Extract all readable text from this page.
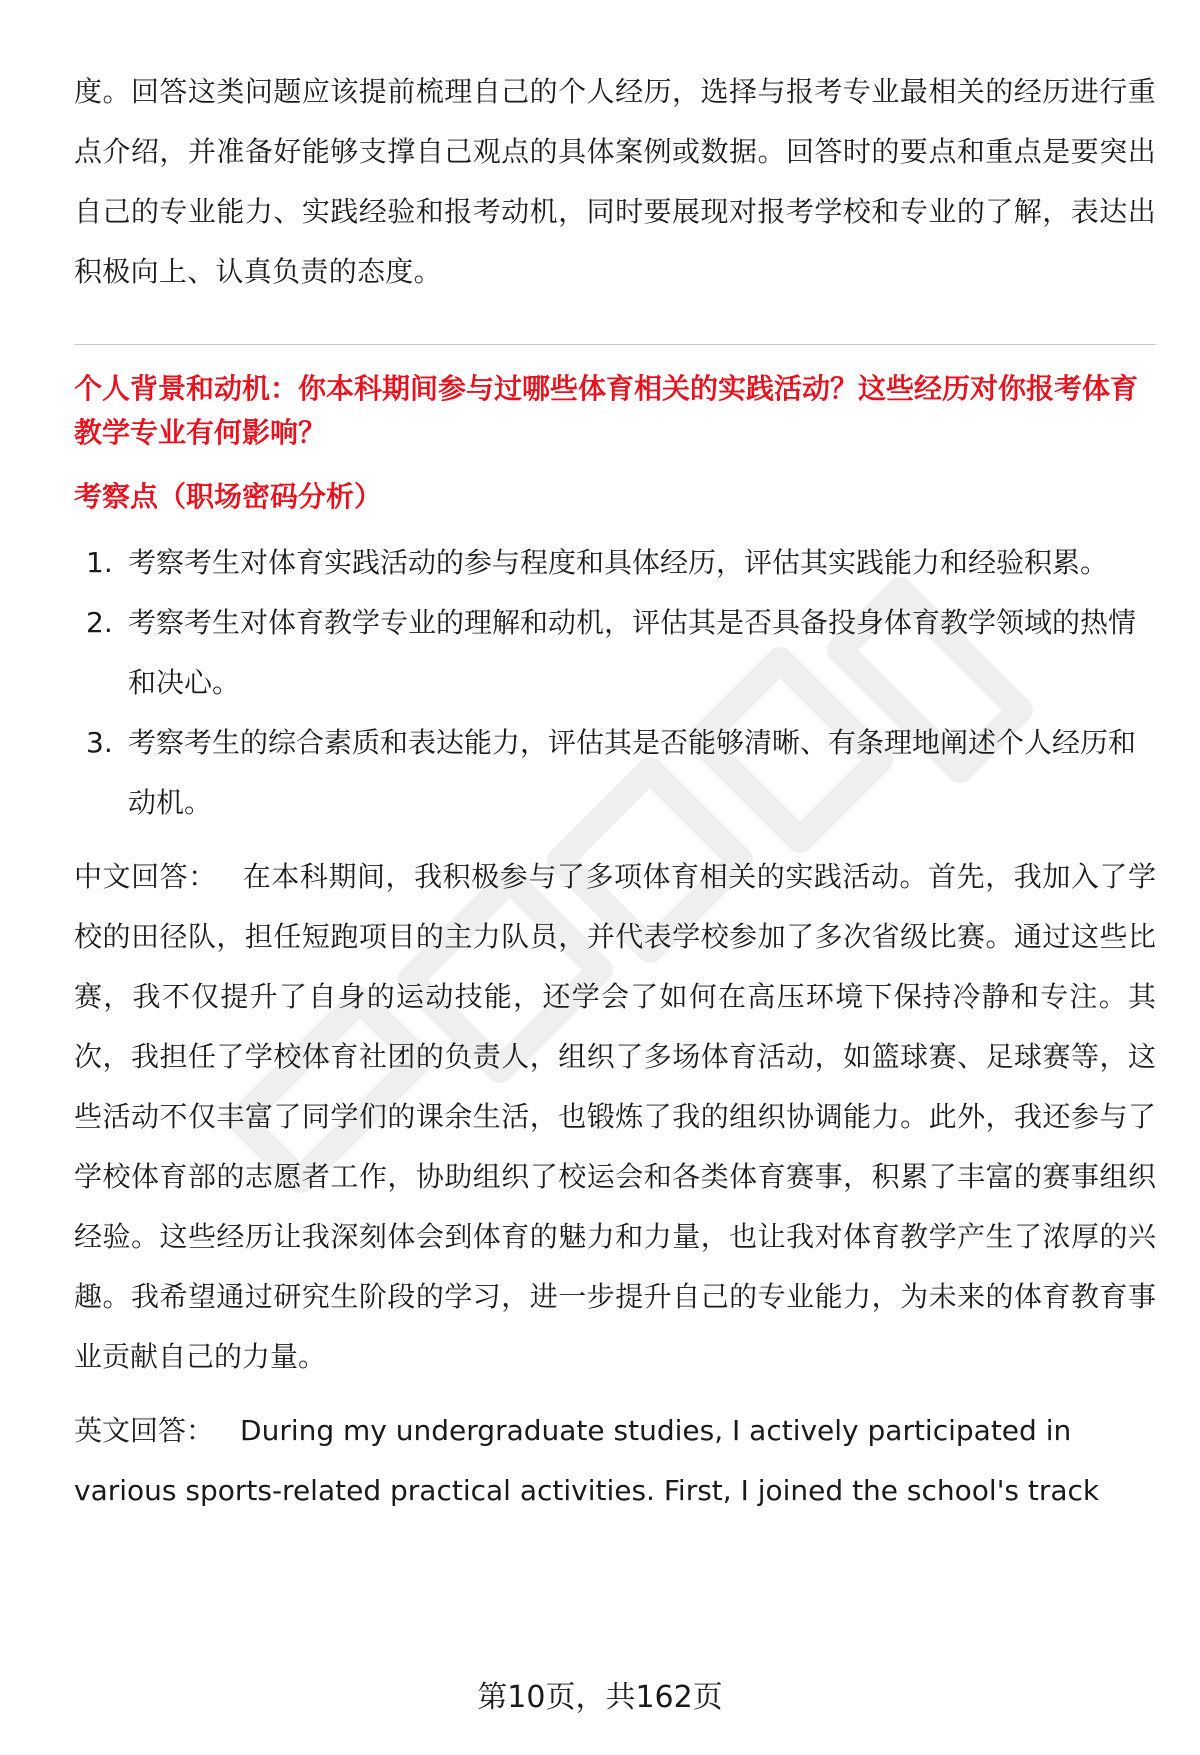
度。回答这类问题应该提前梳理自己的个人经历，选择与报考专业最相关的经历进行重点介绍，并准备好能够支撑自己观点的具体案例或数据。回答时的要点和重点是要突出自己的专业能力、实践经验和报考动机，同时要展现对报考学校和专业的了解，表达出积极向上、认真负责的态度。

个人背景和动机：你本科期间参与过哪些体育相关的实践活动？这些经历对你报考体育教学专业有何影响？

考察点（职场密码分析）

1. 考察考生对体育实践活动的参与程度和具体经历，评估其实践能力和经验积累。
2. 考察考生对体育教学专业的理解和动机，评估其是否具备投身体育教学领域的热情和决心。
3. 考察考生的综合素质和表达能力，评估其是否能够清晰、有条理地阐述个人经历和动机。

中文回答： 在本科期间，我积极参与了多项体育相关的实践活动。首先，我加入了学校的田径队，担任短跑项目的主力队员，并代表学校参加了多次省级比赛。通过这些比赛，我不仅提升了自身的运动技能，还学会了如何在高压环境下保持冷静和专注。其次，我担任了学校体育社团的负责人，组织了多场体育活动，如篮球赛、足球赛等，这些活动不仅丰富了同学们的课余生活，也锻炼了我的组织协调能力。此外，我还参与了学校体育部的志愿者工作，协助组织了校运会和各类体育赛事，积累了丰富的赛事组织经验。这些经历让我深刻体会到体育的魅力和力量，也让我对体育教学产生了浓厚的兴趣。我希望通过研究生阶段的学习，进一步提升自己的专业能力，为未来的体育教育事业贡献自己的力量。

英文回答： During my undergraduate studies, I actively participated in various sports-related practical activities. First, I joined the school's track

第10页，共162页
